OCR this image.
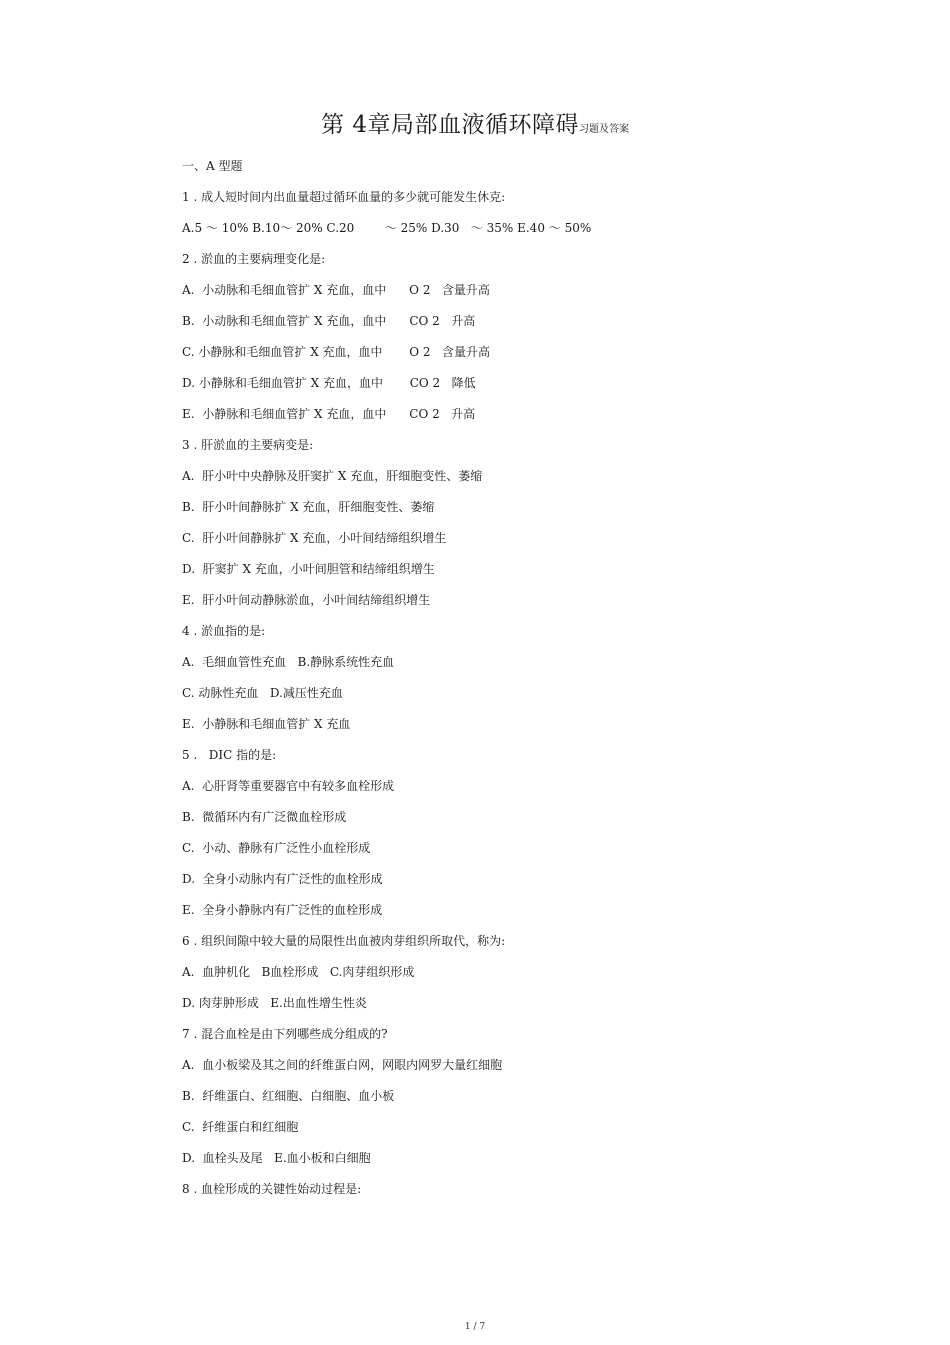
第 4章局部血液循环障碍习题及答案
一、A 型题
1 . 成人短时间内出血量超过循环血量的多少就可能发生休克:
A.5 ～ 10% B.10～ 20% C.20        ～ 25% D.30   ～ 35% E.40 ～ 50%
2 . 淤血的主要病理变化是:
A.  小动脉和毛细血管扩 X 充血，血中      O 2   含量升高
B.  小动脉和毛细血管扩 X 充血，血中      CO 2   升高
C. 小静脉和毛细血管扩 X 充血，血中       O 2   含量升高
D. 小静脉和毛细血管扩 X 充血，血中       CO 2   降低
E.  小静脉和毛细血管扩 X 充血，血中      CO 2   升高
3 . 肝淤血的主要病变是:
A.  肝小叶中央静脉及肝窦扩 X 充血，肝细胞变性、萎缩
B.  肝小叶间静脉扩 X 充血，肝细胞变性、萎缩
C.  肝小叶间静脉扩 X 充血，小叶间结缔组织增生
D.  肝窦扩 X 充血，小叶间胆管和结缔组织增生
E.  肝小叶间动静脉淤血，小叶间结缔组织增生
4 . 淤血指的是:
A.  毛细血管性充血   B.静脉系统性充血
C. 动脉性充血   D.减压性充血
E.  小静脉和毛细血管扩 X 充血
5 .   DIC 指的是:
A.  心肝肾等重要器官中有较多血栓形成
B.  微循环内有广泛微血栓形成
C.  小动、静脉有广泛性小血栓形成
D.  全身小动脉内有广泛性的血栓形成
E.  全身小静脉内有广泛性的血栓形成
6 . 组织间隙中较大量的局限性出血被肉芽组织所取代，称为:
A.  血肿机化   B血栓形成   C.肉芽组织形成
D. 肉芽肿形成   E.出血性增生性炎
7 . 混合血栓是由下列哪些成分组成的?
A.  血小板梁及其之间的纤维蛋白网，网眼内网罗大量红细胞
B.  纤维蛋白、红细胞、白细胞、血小板
C.  纤维蛋白和红细胞
D.  血栓头及尾   E.血小板和白细胞
8 . 血栓形成的关键性始动过程是:
1 / 7
